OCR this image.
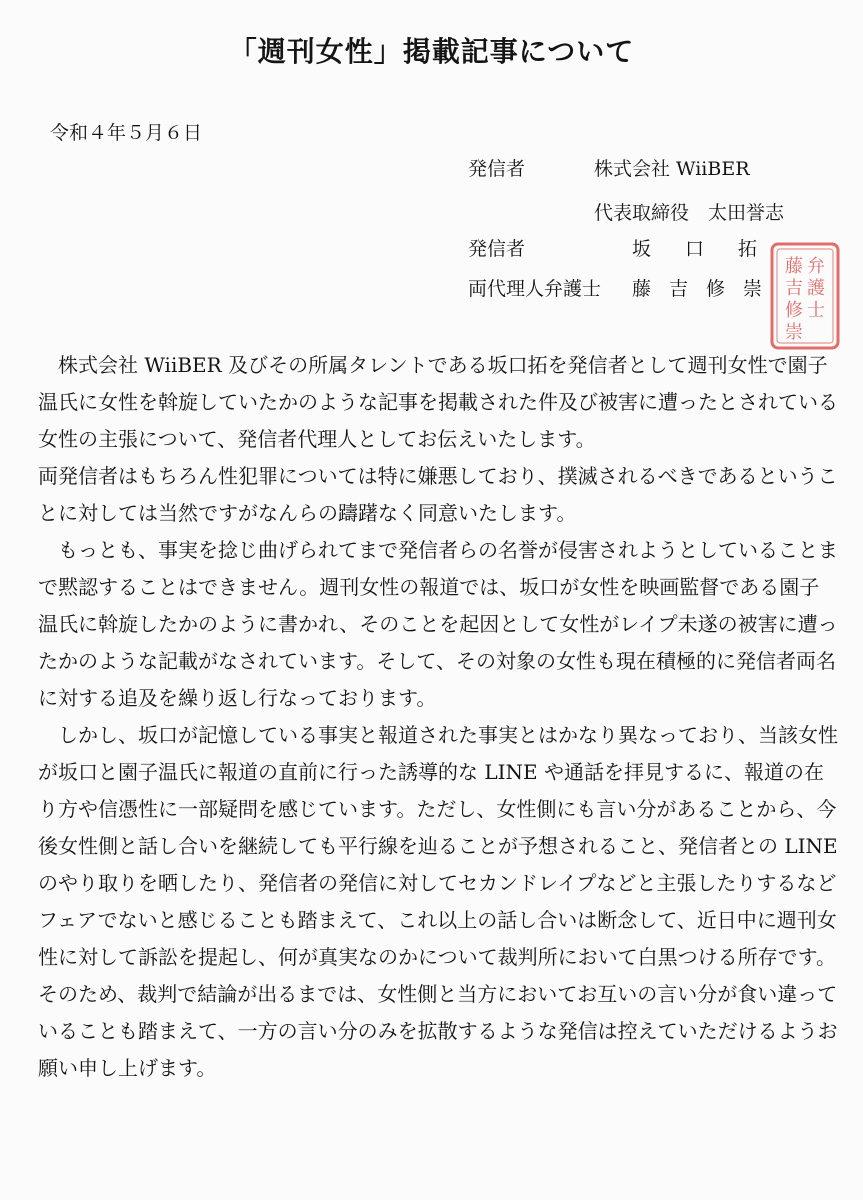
「週刊女性」掲載記事について
令和４年５月６日
発信者	株式会社 WiiBER
代表取締役　太田誉志
発信者	坂口拓
両代理人弁護士 藤吉修崇
弁
護
士
藤
吉
修
崇

株式会社 WiiBER 及びその所属タレントである坂口拓を発信者として週刊女性で園子温氏に女性を斡旋していたかのような記事を掲載された件及び被害に遭ったとされている女性の主張について、発信者代理人としてお伝えいたします。

両発信者はもちろん性犯罪については特に嫌悪しており、撲滅されるべきであるということに対しては当然ですがなんらの躊躇なく同意いたします。

もっとも、事実を捻じ曲げられてまで発信者らの名誉が侵害されようとしていることまで黙認することはできません。週刊女性の報道では、坂口が女性を映画監督である園子温氏に斡旋したかのように書かれ、そのことを起因として女性がレイプ未遂の被害に遭ったかのような記載がなされています。そして、その対象の女性も現在積極的に発信者両名に対する追及を繰り返し行なっております。

しかし、坂口が記憶している事実と報道された事実とはかなり異なっており、当該女性が坂口と園子温氏に報道の直前に行った誘導的な LINE や通話を拝見するに、報道の在り方や信憑性に一部疑問を感じています。ただし、女性側にも言い分があることから、今後女性側と話し合いを継続しても平行線を辿ることが予想されること、発信者との LINE のやり取りを晒したり、発信者の発信に対してセカンドレイプなどと主張したりするなどフェアでないと感じることも踏まえて、これ以上の話し合いは断念して、近日中に週刊女性に対して訴訟を提起し、何が真実なのかについて裁判所において白黒つける所存です。そのため、裁判で結論が出るまでは、女性側と当方においてお互いの言い分が食い違っていることも踏まえて、一方の言い分のみを拡散するような発信は控えていただけるようお願い申し上げます。
